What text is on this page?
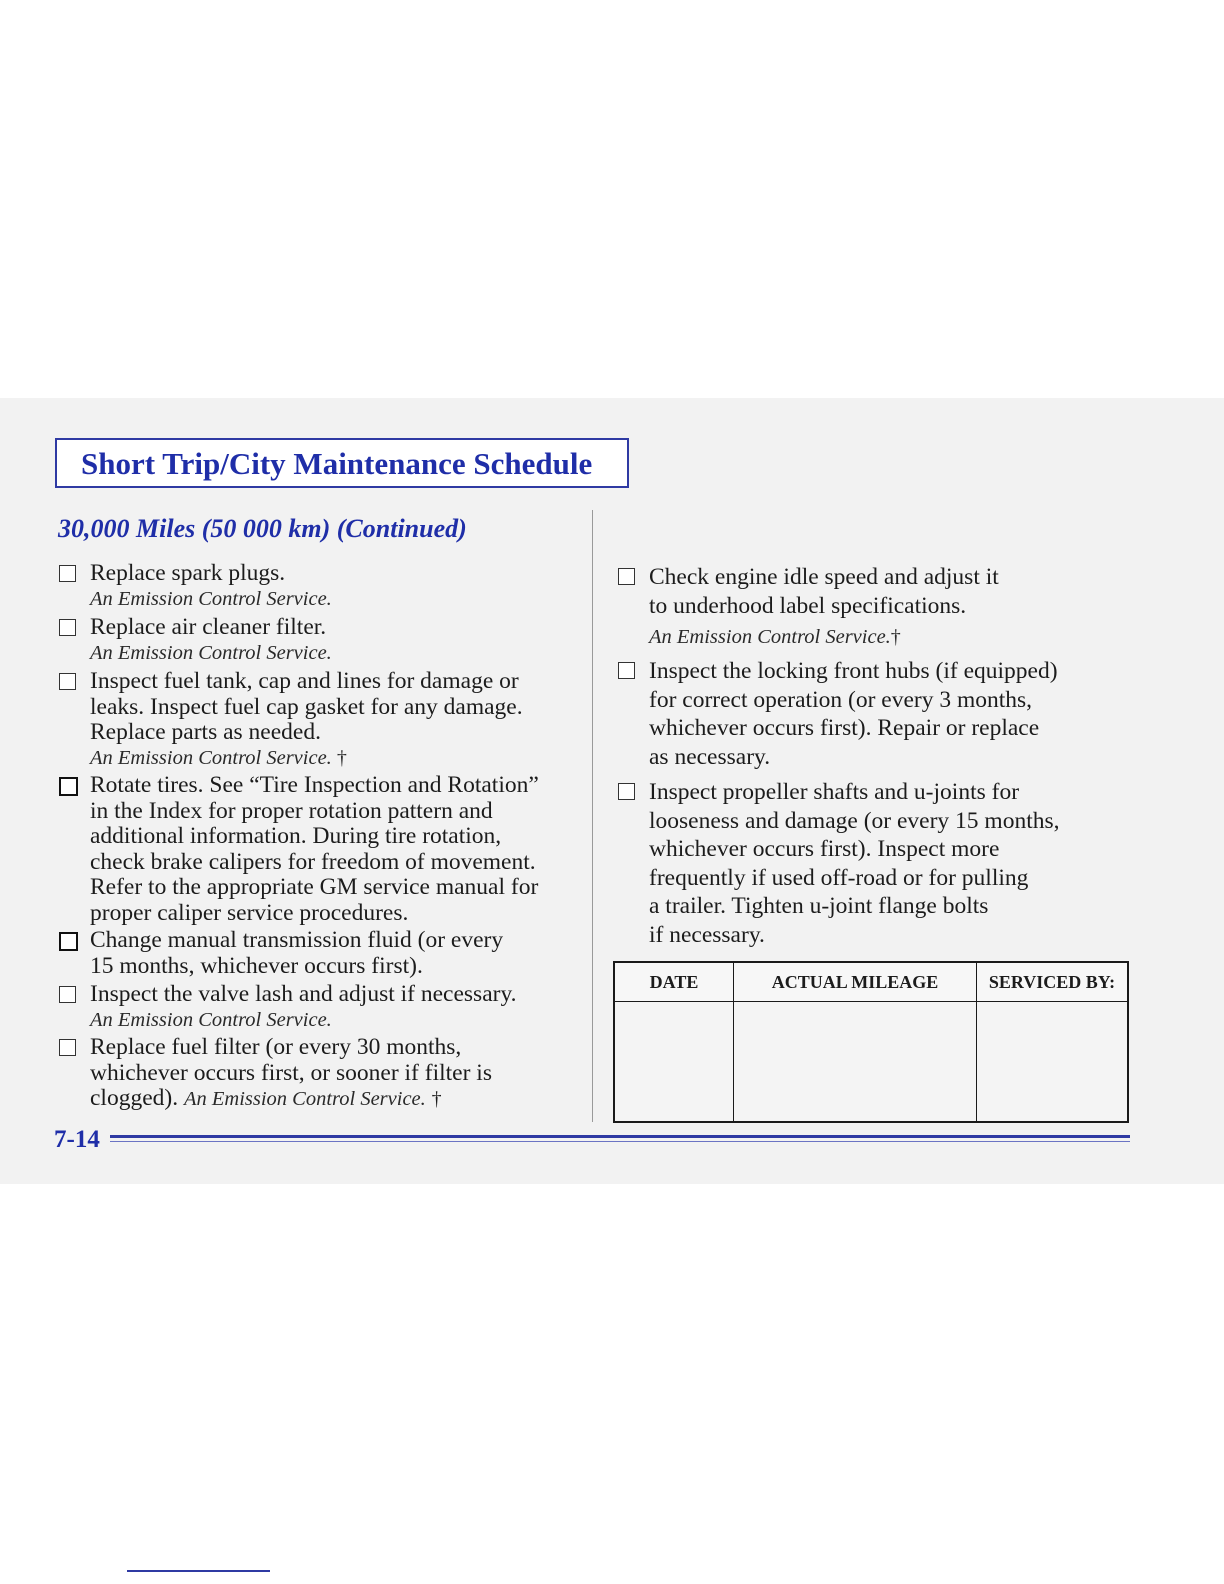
Short Trip/City Maintenance Schedule
30,000 Miles (50 000 km) (Continued)
Replace spark plugs.
An Emission Control Service.
Replace air cleaner filter.
An Emission Control Service.
Inspect fuel tank, cap and lines for damage or
leaks. Inspect fuel cap gasket for any damage.
Replace parts as needed.
An Emission Control Service. †
Rotate tires. See “Tire Inspection and Rotation”
in the Index for proper rotation pattern and
additional information. During tire rotation,
check brake calipers for freedom of movement.
Refer to the appropriate GM service manual for
proper caliper service procedures.
Change manual transmission fluid (or every
15 months, whichever occurs first).
Inspect the valve lash and adjust if necessary.
An Emission Control Service.
Replace fuel filter (or every 30 months,
whichever occurs first, or sooner if filter is
clogged). An Emission Control Service. †
Check engine idle speed and adjust it
to underhood label specifications.
An Emission Control Service.†
Inspect the locking front hubs (if equipped)
for correct operation (or every 3 months,
whichever occurs first). Repair or replace
as necessary.
Inspect propeller shafts and u-joints for
looseness and damage (or every 15 months,
whichever occurs first). Inspect more
frequently if used off-road or for pulling
a trailer. Tighten u-joint flange bolts
if necessary.
DATE	ACTUAL MILEAGE	SERVICED BY:

7-14
